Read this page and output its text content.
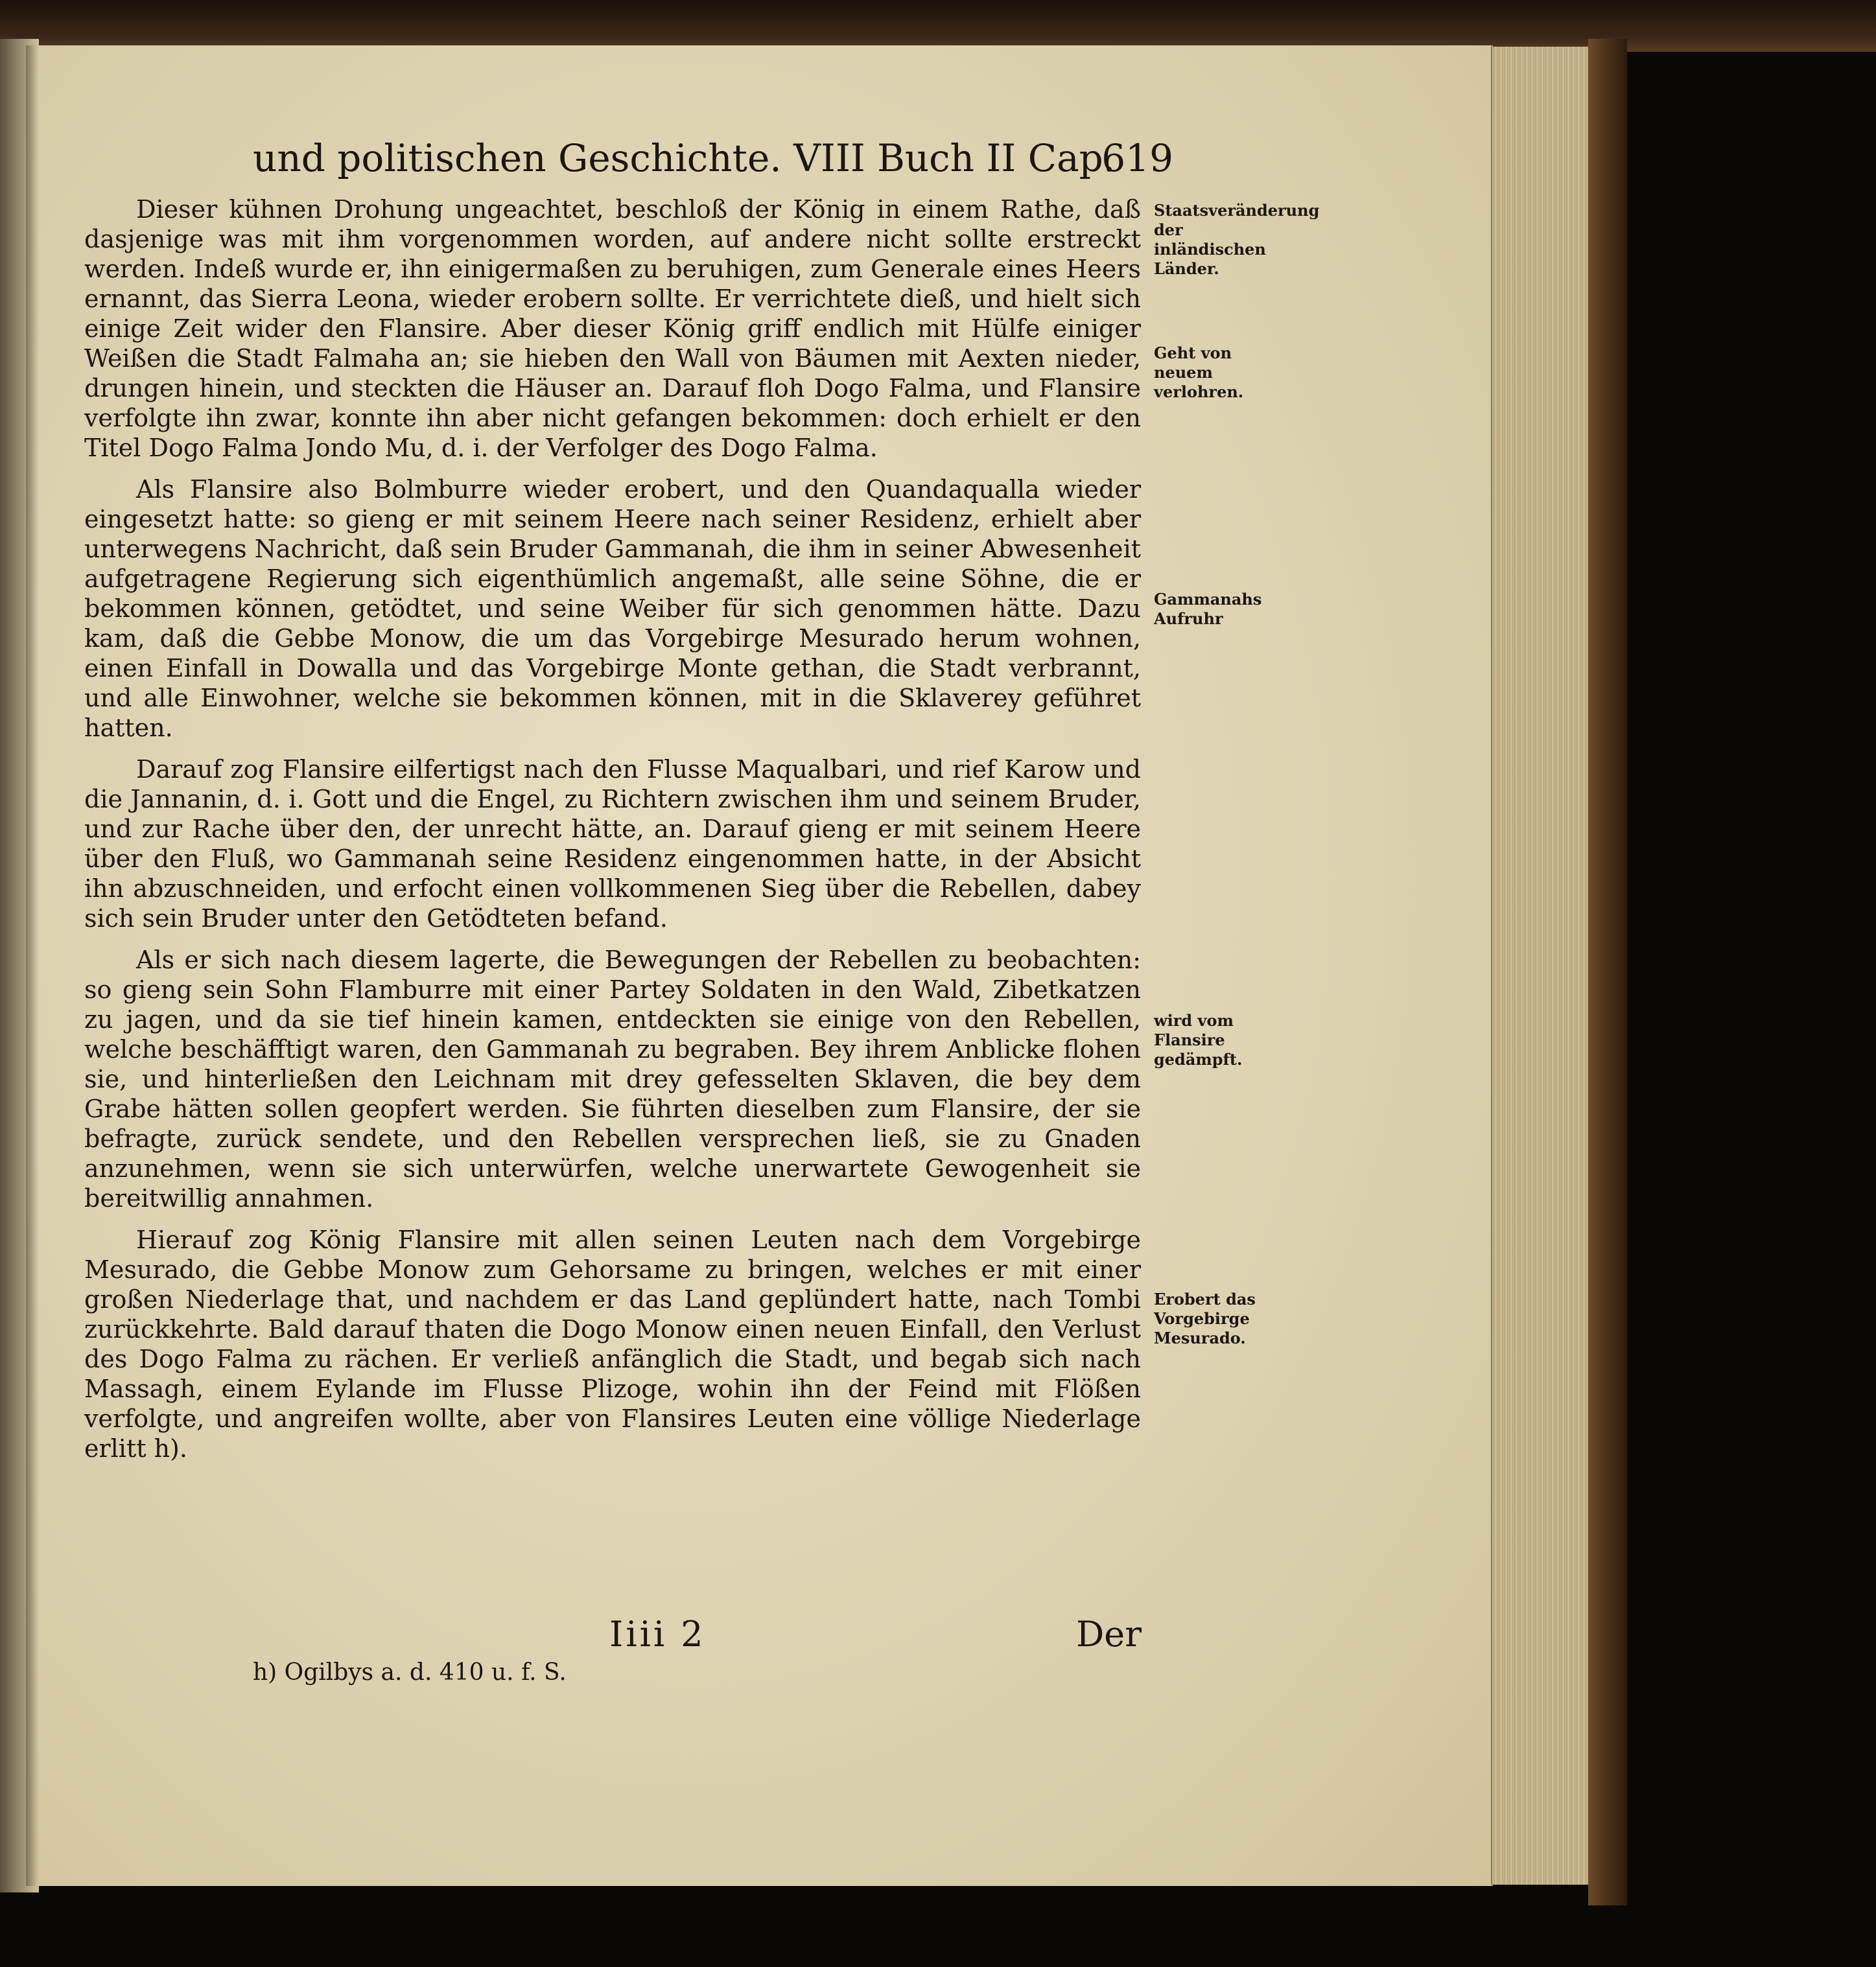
und politischen Geschichte. VIII Buch II Cap.
619

Dieser kühnen Drohung ungeachtet, beschloß der König in einem Rathe, daß dasjenige was mit ihm vorgenommen worden, auf andere nicht sollte erstreckt werden. Indeß wurde er, ihn einigermaßen zu beruhigen, zum Generale eines Heers ernannt, das Sierra Leona, wieder erobern sollte. Er verrichtete dieß, und hielt sich einige Zeit wider den Flansire. Aber dieser König griff endlich mit Hülfe einiger Weißen die Stadt Falmaha an; sie hieben den Wall von Bäumen mit Aexten nieder, drungen hinein, und steckten die Häuser an. Darauf floh Dogo Falma, und Flansire verfolgte ihn zwar, konnte ihn aber nicht gefangen bekommen: doch erhielt er den Titel Dogo Falma Jondo Mu, d. i. der Verfolger des Dogo Falma.

Als Flansire also Bolmburre wieder erobert, und den Quandaqualla wieder eingesetzt hatte: so gieng er mit seinem Heere nach seiner Residenz, erhielt aber unterwegens Nachricht, daß sein Bruder Gammanah, die ihm in seiner Abwesenheit aufgetragene Regierung sich eigenthümlich angemaßt, alle seine Söhne, die er bekommen können, getödtet, und seine Weiber für sich genommen hätte. Dazu kam, daß die Gebbe Monow, die um das Vorgebirge Mesurado herum wohnen, einen Einfall in Dowalla und das Vorgebirge Monte gethan, die Stadt verbrannt, und alle Einwohner, welche sie bekommen können, mit in die Sklaverey geführet hatten.

Darauf zog Flansire eilfertigst nach den Flusse Maqualbari, und rief Karow und die Jannanin, d. i. Gott und die Engel, zu Richtern zwischen ihm und seinem Bruder, und zur Rache über den, der unrecht hätte, an. Darauf gieng er mit seinem Heere über den Fluß, wo Gammanah seine Residenz eingenommen hatte, in der Absicht ihn abzuschneiden, und erfocht einen vollkommenen Sieg über die Rebellen, dabey sich sein Bruder unter den Getödteten befand.

Als er sich nach diesem lagerte, die Bewegungen der Rebellen zu beobachten: so gieng sein Sohn Flamburre mit einer Partey Soldaten in den Wald, Zibetkatzen zu jagen, und da sie tief hinein kamen, entdeckten sie einige von den Rebellen, welche beschäfftigt waren, den Gammanah zu begraben. Bey ihrem Anblicke flohen sie, und hinterließen den Leichnam mit drey gefesselten Sklaven, die bey dem Grabe hätten sollen geopfert werden. Sie führten dieselben zum Flansire, der sie befragte, zurück sendete, und den Rebellen versprechen ließ, sie zu Gnaden anzunehmen, wenn sie sich unterwürfen, welche unerwartete Gewogenheit sie bereitwillig annahmen.

Hierauf zog König Flansire mit allen seinen Leuten nach dem Vorgebirge Mesurado, die Gebbe Monow zum Gehorsame zu bringen, welches er mit einer großen Niederlage that, und nachdem er das Land geplündert hatte, nach Tombi zurückkehrte. Bald darauf thaten die Dogo Monow einen neuen Einfall, den Verlust des Dogo Falma zu rächen. Er verließ anfänglich die Stadt, und begab sich nach Massagh, einem Eylande im Flusse Plizoge, wohin ihn der Feind mit Flößen verfolgte, und angreifen wollte, aber von Flansires Leuten eine völlige Niederlage erlitt h).

Staatsveränderung der inländischen Länder.
Geht von neuem verlohren.
Gammanahs Aufruhr
wird vom Flansire gedämpft.
Erobert das Vorgebirge Mesurado.
Iiii 2	Der
h) Ogilbys a. d. 410 u. f. S.
